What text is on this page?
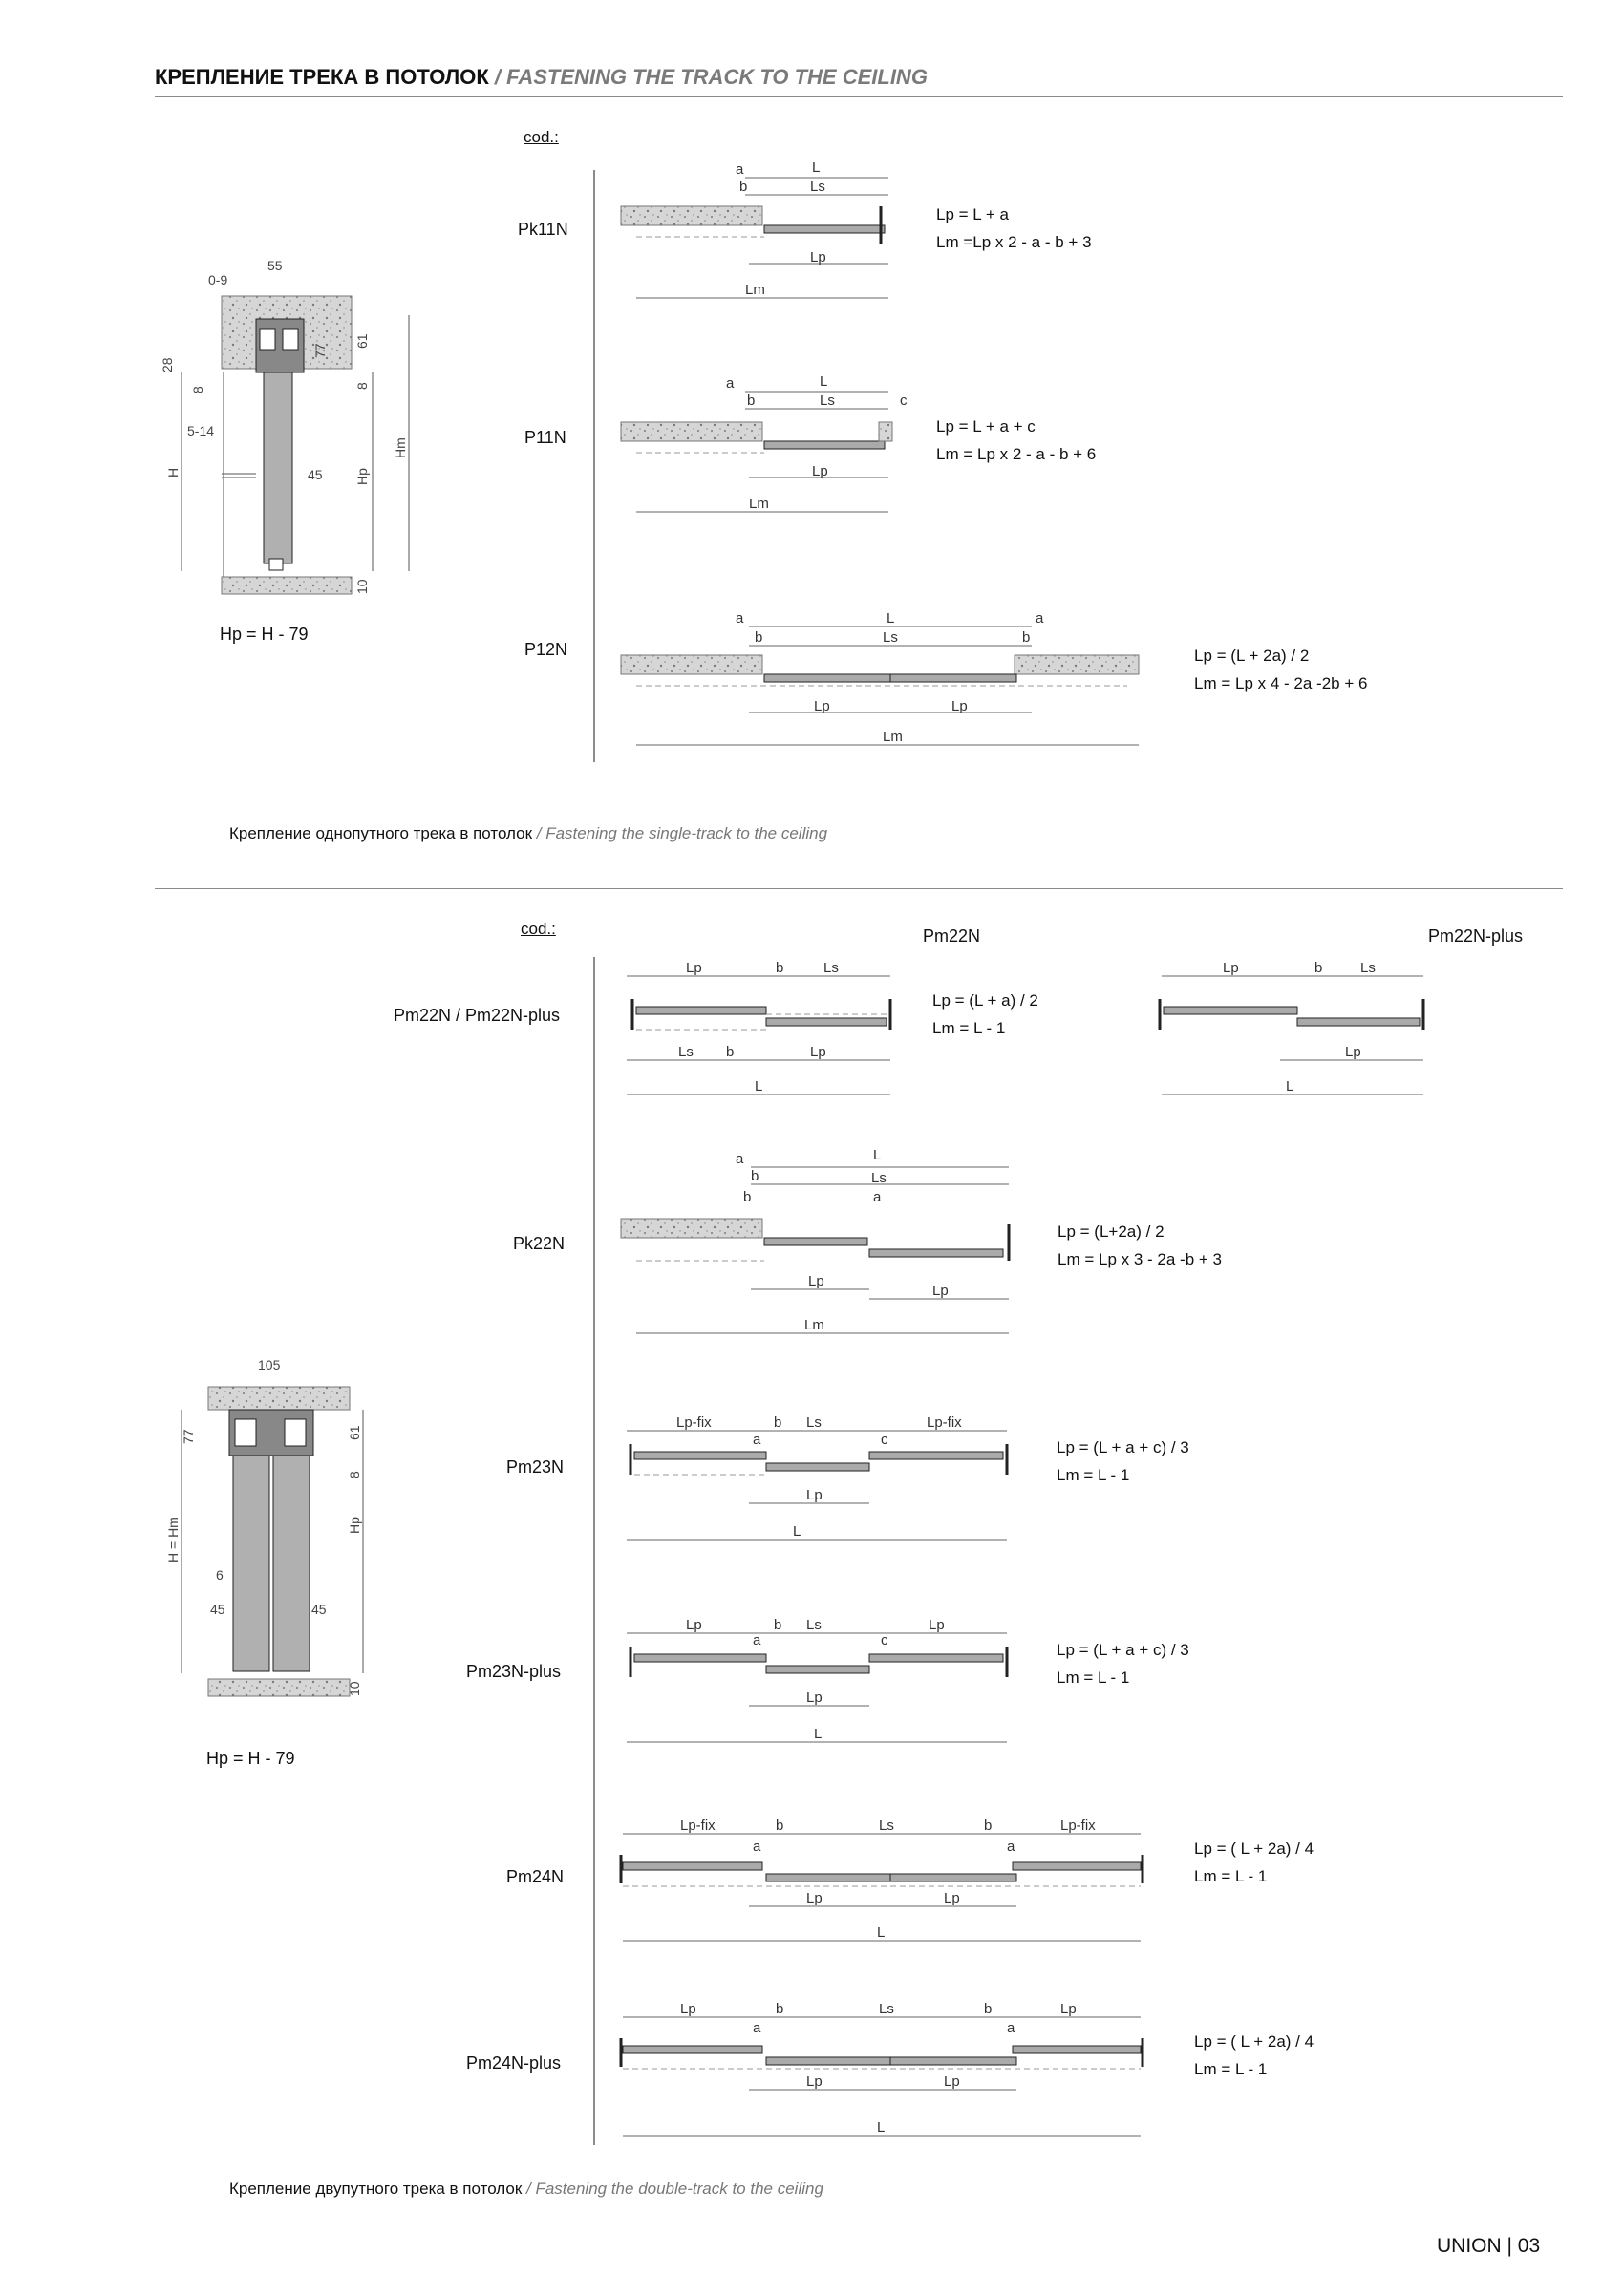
КРЕПЛЕНИЕ ТРЕКА В ПОТОЛОК / FASTENING THE TRACK TO THE CEILING
cod.:
Pk11N
Lp = L + a
Lm =Lp x 2 - a - b + 3
P11N
Lp = L + a + c
Lm = Lp x 2 - a - b + 6
P12N	Lp = (L + 2a) / 2
Lm = Lp x 4 - 2a -2b + 6
Hp = H - 79
Крепление однопутного трека в потолок / Fastening the single-track to the ceiling
cod.:	Pm22N	Pm22N-plus
Pm22N / Pm22N-plus
Lp = (L + a) / 2
Lm = L - 1
Pk22N
Lp = (L+2a) / 2
Lm = Lp x 3 - 2a -b + 3
Pm23N
Lp = (L + a + c) / 3
Lm = L - 1
Pm23N-plus
Lp = (L + a + c) / 3
Lm = L - 1
Pm24N
Lp = ( L + 2a) / 4
Lm = L - 1
Pm24N-plus
Lp = ( L + 2a) / 4
Lm = L - 1
Hp = H - 79
Крепление двупутного трека в потолок / Fastening the double-track to the ceiling
UNION | 03
0-9
55
28
8
77
61
5-14
45
H
8
Hp
Hm
10
105
77	61
8
H = Hm	Hp
6
45	45
10
a
b
L
Ls
Lp
Lm
a
b	c
L
Ls
Lp
Lm
a	a
b	b
L
Ls
Lp	Lp
Lm
Lp	b	Ls
Ls b	Lp
L
Lp	b	Ls
Lp
L
a
b
b	a
L
Ls
Lp
Lp
Lm
Lp-fix	b Ls	Lp-fix
a	c
Lp
L
Lp	b Ls	Lp
a	c
Lp
L
Lp-fix	b	Ls	b	Lp-fix
a	a
Lp	Lp
L
Lp	b	Ls	b	Lp
a	a
Lp	Lp
L
